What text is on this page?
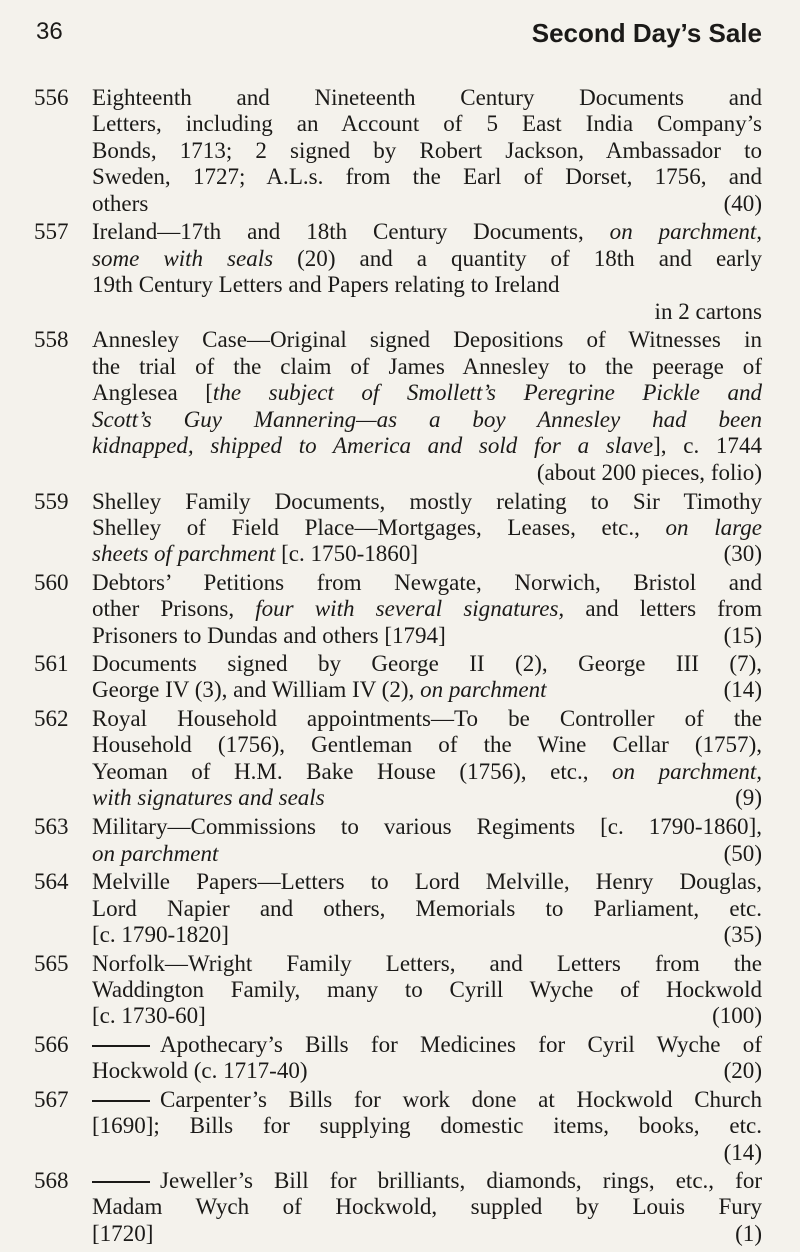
36	Second Day’s Sale
556	Eighteenth and Nineteenth Century Documents and
Letters, including an Account of 5 East India Company’s
Bonds, 1713; 2 signed by Robert Jackson, Ambassador to
Sweden, 1727; A.L.s. from the Earl of Dorset, 1756, and
others	(40)
557	Ireland—17th and 18th Century Documents, on parchment,
some with seals (20) and a quantity of 18th and early
19th Century Letters and Papers relating to Ireland
in 2 cartons
558	Annesley Case—Original signed Depositions of Witnesses in
the trial of the claim of James Annesley to the peerage of
Anglesea [the subject of Smollett’s Peregrine Pickle and
Scott’s Guy Mannering—as a boy Annesley had been
kidnapped, shipped to America and sold for a slave], c. 1744
(about 200 pieces, folio)
559	Shelley Family Documents, mostly relating to Sir Timothy
Shelley of Field Place—Mortgages, Leases, etc., on large
sheets of parchment [c. 1750-1860]	(30)
560	Debtors’ Petitions from Newgate, Norwich, Bristol and
other Prisons, four with several signatures, and letters from
Prisoners to Dundas and others [1794]	(15)
561	Documents signed by George II (2), George III (7),
George IV (3), and William IV (2), on parchment	(14)
562	Royal Household appointments—To be Controller of the
Household (1756), Gentleman of the Wine Cellar (1757),
Yeoman of H.M. Bake House (1756), etc., on parchment,
with signatures and seals	(9)
563	Military—Commissions to various Regiments [c. 1790-1860],
on parchment	(50)
564	Melville Papers—Letters to Lord Melville, Henry Douglas,
Lord Napier and others, Memorials to Parliament, etc.
[c. 1790-1820]	(35)
565	Norfolk—Wright Family Letters, and Letters from the
Waddington Family, many to Cyrill Wyche of Hockwold
[c. 1730-60]	(100)
566	Apothecary’s Bills for Medicines for Cyril Wyche of
Hockwold (c. 1717-40)	(20)
567	Carpenter’s Bills for work done at Hockwold Church
[1690]; Bills for supplying domestic items, books, etc.
(14)
568	Jeweller’s Bill for brilliants, diamonds, rings, etc., for
Madam Wych of Hockwold, suppled by Louis Fury
[1720]	(1)
